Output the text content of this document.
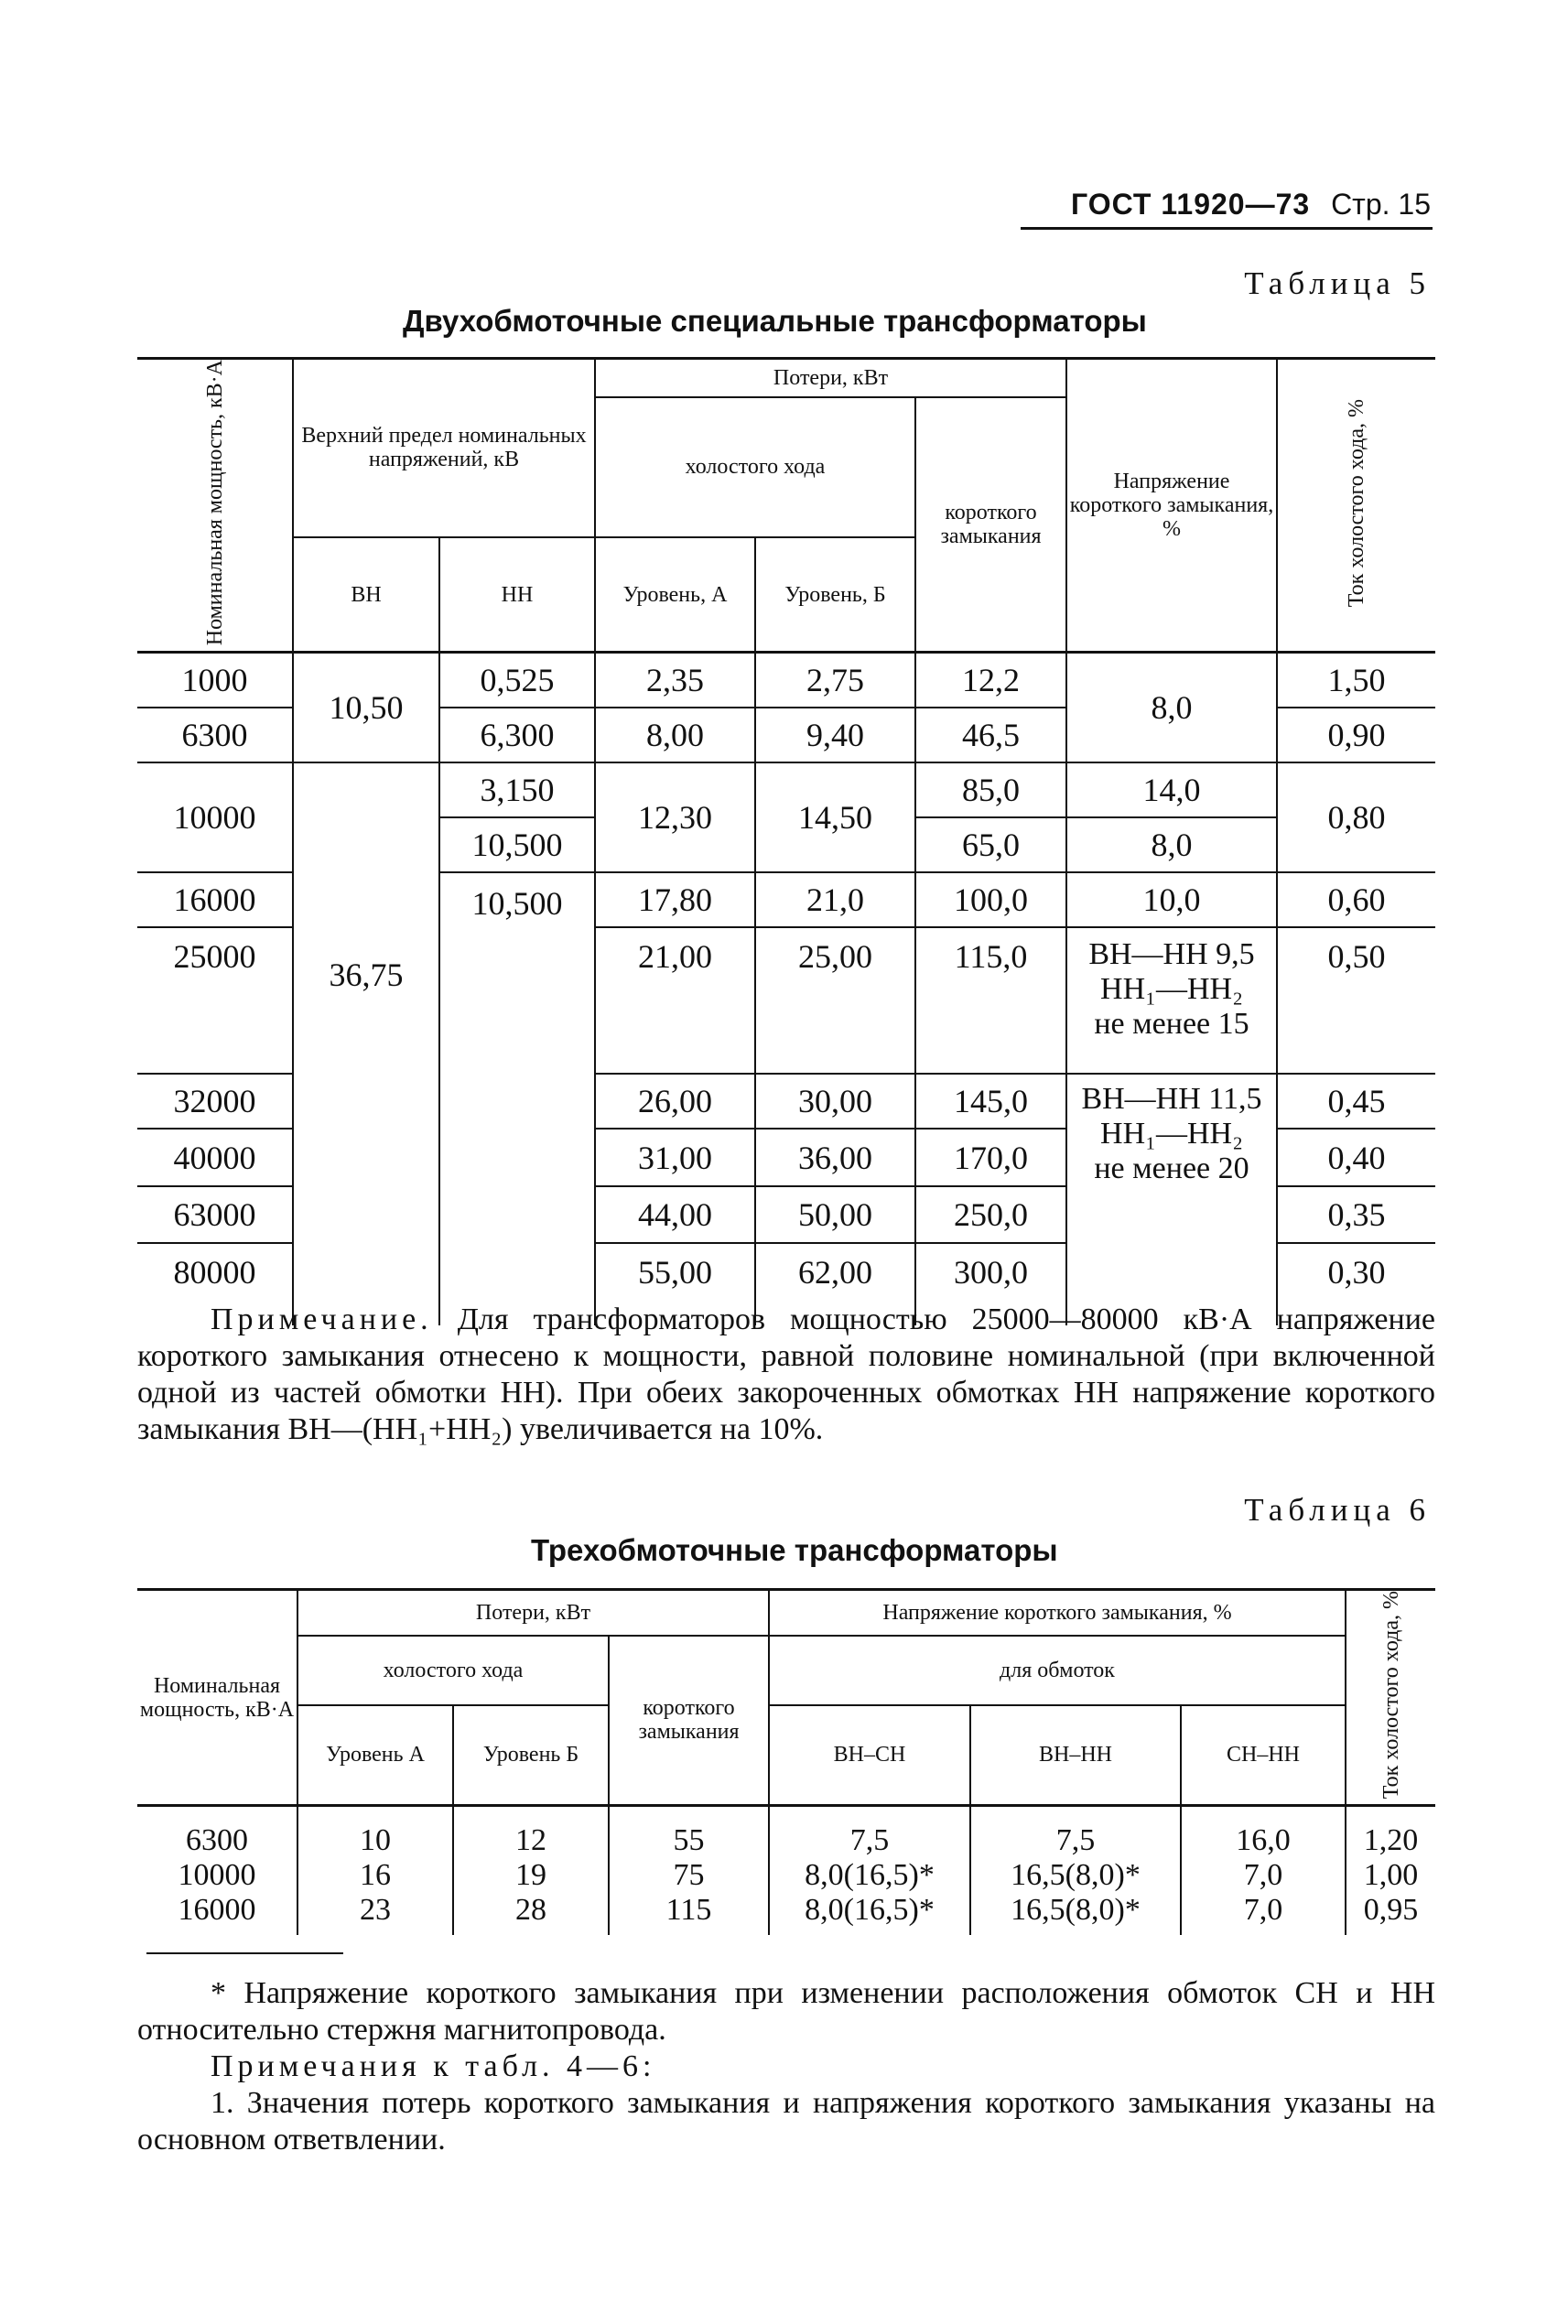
ГОСТ 11920—73 Стр. 15
Таблица 5
Двухобмоточные специальные трансформаторы
Номинальная мощность, кВ·А	Верхний предел номинальных напряжений, кВ		Потери, кВт			Напряжение короткого замыкания, %	Ток холостого хода, %
			холостого хода		короткого замыкания		
	ВН	НН	Уровень, А	Уровень, Б			
1000	10,50	0,525	2,35	2,75	12,2	8,0	1,50
6300		6,300	8,00	9,40	46,5		0,90
10000	36,75	3,150	12,30	14,50	85,0	14,0	0,80
		10,500			65,0	8,0	
16000		10,500	17,80	21,0	100,0	10,0	0,60
25000			21,00	25,00	115,0	ВН—НН 9,5
НН₁—НН₂
не менее 15	0,50
32000			26,00	30,00	145,0	ВН—НН 11,5
НН₁—НН₂
не менее 20	0,45
40000			31,00	36,00	170,0		0,40
63000			44,00	50,00	250,0		0,35
80000			55,00	62,00	300,0		0,30
Примечание. Для трансформаторов мощностью 25000—80000 кВ·А напряжение короткого замыкания отнесено к мощности, равной половине номинальной (при включенной одной из частей обмотки НН). При обеих закороченных обмотках НН напряжение короткого замыкания ВН—(НН₁+НН₂) увеличивается на 10%.
Таблица 6
Трехобмоточные трансформаторы
Номинальная мощность, кВ·А	Потери, кВт			Напряжение короткого замыкания, %			Ток холостого хода, %
	холостого хода		короткого замыкания	для обмоток			
	Уровень А	Уровень Б		ВН–СН	ВН–НН	СН–НН	
6300	10	12	55	7,5	7,5	16,0	1,20
10000	16	19	75	8,0(16,5)*	16,5(8,0)*	7,0	1,00
16000	23	28	115	8,0(16,5)*	16,5(8,0)*	7,0	0,95
* Напряжение короткого замыкания при изменении расположения обмоток СН и НН относительно стержня магнитопровода.
Примечания к табл. 4—6:
1. Значения потерь короткого замыкания и напряжения короткого замыкания указаны на основном ответвлении.
